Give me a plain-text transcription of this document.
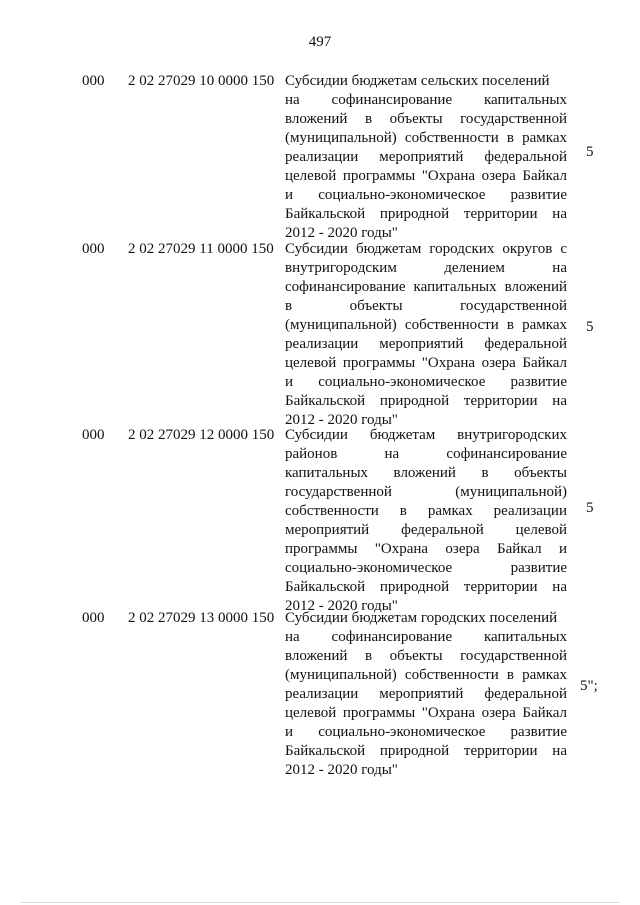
497
000 2 02 27029 10 0000 150 Субсидии бюджетам сельских поселений
на софинансирование капитальных
вложений в объекты государственной
(муниципальной) собственности в рамках
реализации мероприятий федеральной
целевой программы "Охрана озера Байкал
и социально-экономическое развитие
Байкальской природной территории на
2012 - 2020 годы"
5
000 2 02 27029 11 0000 150 Субсидии бюджетам городских округов с
внутригородским делением на
софинансирование капитальных вложений
в объекты государственной
(муниципальной) собственности в рамках
реализации мероприятий федеральной
целевой программы "Охрана озера Байкал
и социально-экономическое развитие
Байкальской природной территории на
2012 - 2020 годы"
5
000 2 02 27029 12 0000 150 Субсидии бюджетам внутригородских
районов на софинансирование
капитальных вложений в объекты
государственной (муниципальной)
собственности в рамках реализации
мероприятий федеральной целевой
программы "Охрана озера Байкал и
социально-экономическое развитие
Байкальской природной территории на
2012 - 2020 годы"
5
000 2 02 27029 13 0000 150 Субсидии бюджетам городских поселений
на софинансирование капитальных
вложений в объекты государственной
(муниципальной) собственности в рамках
реализации мероприятий федеральной
целевой программы "Охрана озера Байкал
и социально-экономическое развитие
Байкальской природной территории на
2012 - 2020 годы"
5";
